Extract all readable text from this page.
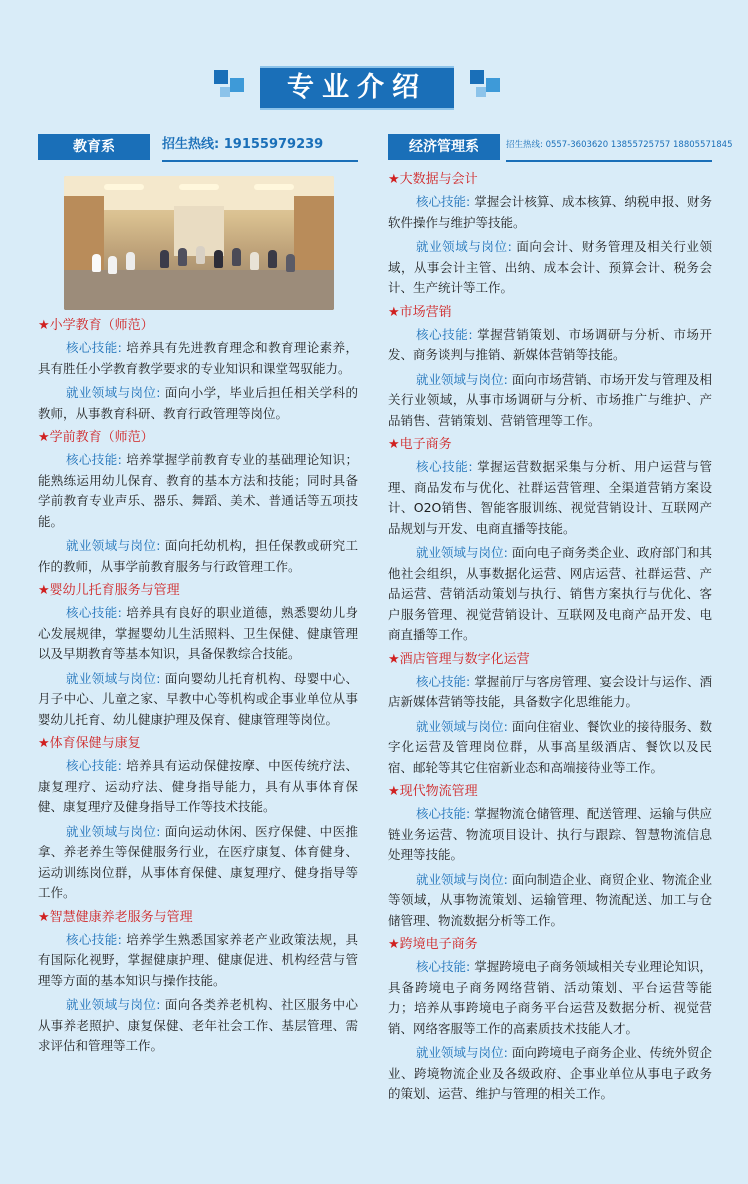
专业介绍
教育系	招生热线: 19155979239
★小学教育（师范）
核心技能: 培养具有先进教育理念和教育理论素养，具有胜任小学教育教学要求的专业知识和课堂驾驭能力。
就业领域与岗位: 面向小学，毕业后担任相关学科的教师，从事教育科研、教育行政管理等岗位。
★学前教育（师范）
核心技能: 培养掌握学前教育专业的基础理论知识；能熟练运用幼儿保育、教育的基本方法和技能；同时具备学前教育专业声乐、器乐、舞蹈、美术、普通话等五项技能。
就业领域与岗位: 面向托幼机构，担任保教或研究工作的教师，从事学前教育服务与行政管理工作。
★婴幼儿托育服务与管理
核心技能: 培养具有良好的职业道德，熟悉婴幼儿身心发展规律，掌握婴幼儿生活照料、卫生保健、健康管理以及早期教育等基本知识，具备保教综合技能。
就业领域与岗位: 面向婴幼儿托育机构、母婴中心、月子中心、儿童之家、早教中心等机构或企事业单位从事婴幼儿托育、幼儿健康护理及保育、健康管理等岗位。
★体育保健与康复
核心技能: 培养具有运动保健按摩、中医传统疗法、康复理疗、运动疗法、健身指导能力，具有从事体育保健、康复理疗及健身指导工作等技术技能。
就业领域与岗位: 面向运动休闲、医疗保健、中医推拿、养老养生等保健服务行业，在医疗康复、体育健身、运动训练岗位群，从事体育保健、康复理疗、健身指导等工作。
★智慧健康养老服务与管理
核心技能: 培养学生熟悉国家养老产业政策法规，具有国际化视野，掌握健康护理、健康促进、机构经营与管理等方面的基本知识与操作技能。
就业领域与岗位: 面向各类养老机构、社区服务中心从事养老照护、康复保健、老年社会工作、基层管理、需求评估和管理等工作。
经济管理系	招生热线: 0557-3603620 13855725757 18805571845
★大数据与会计
核心技能: 掌握会计核算、成本核算、纳税申报、财务软件操作与维护等技能。
就业领域与岗位: 面向会计、财务管理及相关行业领域，从事会计主管、出纳、成本会计、预算会计、税务会计、生产统计等工作。
★市场营销
核心技能: 掌握营销策划、市场调研与分析、市场开发、商务谈判与推销、新媒体营销等技能。
就业领域与岗位: 面向市场营销、市场开发与管理及相关行业领域，从事市场调研与分析、市场推广与维护、产品销售、营销策划、营销管理等工作。
★电子商务
核心技能: 掌握运营数据采集与分析、用户运营与管理、商品发布与优化、社群运营管理、全渠道营销方案设计、O2O销售、智能客服训练、视觉营销设计、互联网产品规划与开发、电商直播等技能。
就业领域与岗位: 面向电子商务类企业、政府部门和其他社会组织，从事数据化运营、网店运营、社群运营、产品运营、营销活动策划与执行、销售方案执行与优化、客户服务管理、视觉营销设计、互联网及电商产品开发、电商直播等工作。
★酒店管理与数字化运营
核心技能: 掌握前厅与客房管理、宴会设计与运作、酒店新媒体营销等技能，具备数字化思维能力。
就业领域与岗位: 面向住宿业、餐饮业的接待服务、数字化运营及管理岗位群，从事高星级酒店、餐饮以及民宿、邮轮等其它住宿新业态和高端接待业等工作。
★现代物流管理
核心技能: 掌握物流仓储管理、配送管理、运输与供应链业务运营、物流项目设计、执行与跟踪、智慧物流信息处理等技能。
就业领域与岗位: 面向制造企业、商贸企业、物流企业等领域，从事物流策划、运输管理、物流配送、加工与仓储管理、物流数据分析等工作。
★跨境电子商务
核心技能: 掌握跨境电子商务领域相关专业理论知识，具备跨境电子商务网络营销、活动策划、平台运营等能力；培养从事跨境电子商务平台运营及数据分析、视觉营销、网络客服等工作的高素质技术技能人才。
就业领域与岗位: 面向跨境电子商务企业、传统外贸企业、跨境物流企业及各级政府、企事业单位从事电子政务的策划、运营、维护与管理的相关工作。
